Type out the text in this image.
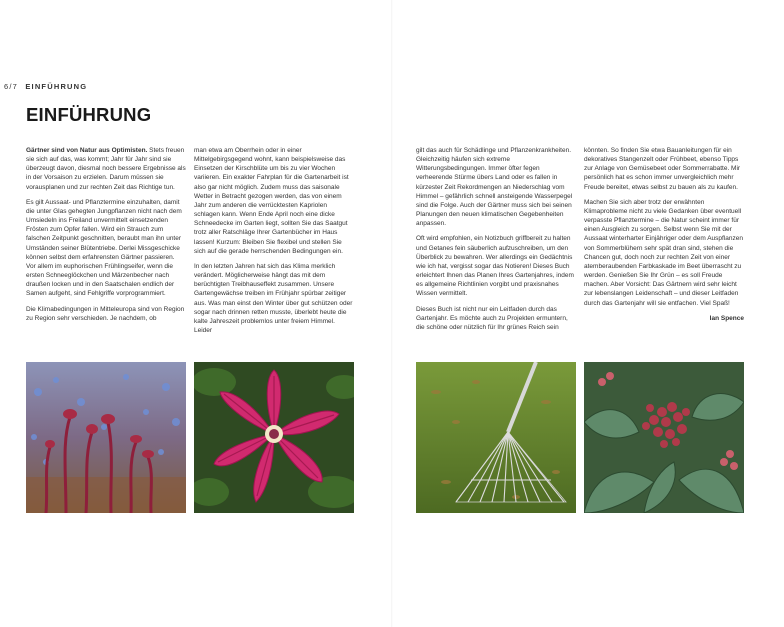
6/7 EINFÜHRUNG
EINFÜHRUNG

Gärtner sind von Natur aus Optimisten. Stets freuen sie sich auf das, was kommt; Jahr für Jahr sind sie überzeugt davon, diesmal noch bessere Ergebnisse als in der Vorsaison zu erzielen. Darum müssen sie vorausplanen und zur rechten Zeit das Richtige tun.

Es gilt Aussaat- und Pflanztermine einzuhalten, damit die unter Glas gehegten Jungpflanzen nicht nach dem Umsiedeln ins Freiland unvermittelt einsetzenden Frösten zum Opfer fallen. Wird ein Strauch zum falschen Zeitpunkt geschnitten, beraubt man ihn unter Umständen seiner Blütentriebe. Derlei Missgeschicke können selbst dem erfahrensten Gärtner passieren. Vor allem im euphorischen Frühlingseifer, wenn die ersten Schneeglöckchen und Märzenbecher nach draußen locken und in den Saatschalen endlich der Samen aufgeht, sind Fehlgriffe vorprogrammiert.

Die Klimabedingungen in Mitteleuropa sind von Region zu Region sehr verschieden. Je nachdem, ob

man etwa am Oberrhein oder in einer Mittelgebirgsgegend wohnt, kann beispielsweise das Einsetzen der Kirschblüte um bis zu vier Wochen variieren. Ein exakter Fahrplan für die Gartenarbeit ist also gar nicht möglich. Zudem muss das saisonale Wetter in Betracht gezogen werden, das von einem Jahr zum anderen die verrücktesten Kapriolen schlagen kann. Wenn Ende April noch eine dicke Schneedecke im Garten liegt, sollten Sie das Saatgut trotz aller Ratschläge Ihrer Gartenbücher im Haus lassen! Kurzum: Bleiben Sie flexibel und stellen Sie sich auf die gerade herrschenden Bedingungen ein.

In den letzten Jahren hat sich das Klima merklich verändert. Möglicherweise hängt das mit dem berüchtigten Treibhauseffekt zusammen. Unsere Gartengewächse treiben im Frühjahr spürbar zeitiger aus. Was man einst den Winter über gut schützen oder sogar nach drinnen retten musste, überlebt heute die kalte Jahreszeit problemlos unter freiem Himmel. Leider

gilt das auch für Schädlinge und Pflanzenkrankheiten. Gleichzeitig häufen sich extreme Witterungsbedingungen. Immer öfter fegen verheerende Stürme übers Land oder es fallen in kürzester Zeit Rekordmengen an Niederschlag vom Himmel – gefährlich schnell ansteigende Wasserpegel sind die Folge. Auch der Gärtner muss sich bei seinen Planungen den neuen klimatischen Gegebenheiten anpassen.

Oft wird empfohlen, ein Notizbuch griffbereit zu halten und Getanes fein säuberlich aufzuschreiben, um den Überblick zu bewahren. Wer allerdings ein Gedächtnis wie ich hat, vergisst sogar das Notieren! Dieses Buch erleichtert Ihnen das Planen Ihres Gartenjahres, indem es allgemeine Richtlinien vorgibt und praxisnahes Wissen vermittelt.

Dieses Buch ist nicht nur ein Leitfaden durch das Gartenjahr. Es möchte auch zu Projekten ermuntern, die schöne oder nützlich für Ihr grünes Reich sein

könnten. So finden Sie etwa Bauanleitungen für ein dekoratives Stangenzelt oder Frühbeet, ebenso Tipps zur Anlage von Gemüsebeet oder Sommerrabatte. Mir persönlich hat es schon immer unvergleichlich mehr Freude bereitet, etwas selbst zu bauen als zu kaufen.

Machen Sie sich aber trotz der erwähnten Klimaprobleme nicht zu viele Gedanken über eventuell verpasste Pflanztermine – die Natur scheint immer für einen Ausgleich zu sorgen. Selbst wenn Sie mit der Aussaat winterharter Einjähriger oder dem Auspflanzen von Sommerblühern sehr spät dran sind, stehen die Chancen gut, doch noch zur rechten Zeit von einer atemberaubenden Farbkaskade im Beet überrascht zu werden. Genießen Sie Ihr Grün – es soll Freude machen. Aber Vorsicht: Das Gärtnern wird sehr leicht zur lebenslangen Leidenschaft – und dieser Leitfaden durch das Gartenjahr will sie entfachen. Viel Spaß!

Ian Spence
